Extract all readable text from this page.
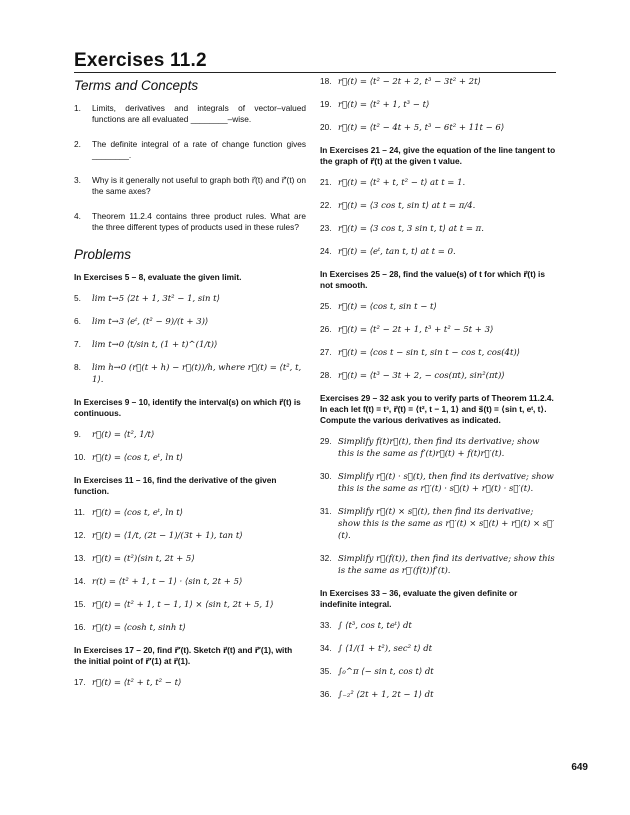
Exercises 11.2
Terms and Concepts
1. Limits, derivatives and integrals of vector–valued functions are all evaluated ________–wise.
2. The definite integral of a rate of change function gives ________.
3. Why is it generally not useful to graph both r⃗(t) and r⃗′(t) on the same axes?
4. Theorem 11.2.4 contains three product rules. What are the three different types of products used in these rules?
Problems
In Exercises 5 – 8, evaluate the given limit.
5. lim t→5 ⟨2t + 1, 3t² − 1, sin t⟩
6. lim t→3 ⟨eᵗ, (t² − 9)/(t + 3)⟩
7. lim t→0 ⟨t/sin t, (1 + t)^(1/t)⟩
8. lim h→0 (r⃗(t + h) − r⃗(t))/h, where r⃗(t) = ⟨t², t, 1⟩.
In Exercises 9 – 10, identify the interval(s) on which r⃗(t) is continuous.
9. r⃗(t) = ⟨t², 1/t⟩
10. r⃗(t) = ⟨cos t, eᵗ, ln t⟩
In Exercises 11 – 16, find the derivative of the given function.
11. r⃗(t) = ⟨cos t, eᵗ, ln t⟩
12. r⃗(t) = ⟨1/t, (2t − 1)/(3t + 1), tan t⟩
13. r⃗(t) = (t²)⟨sin t, 2t + 5⟩
14. r(t) = ⟨t² + 1, t − 1⟩ · ⟨sin t, 2t + 5⟩
15. r⃗(t) = ⟨t² + 1, t − 1, 1⟩ × ⟨sin t, 2t + 5, 1⟩
16. r⃗(t) = ⟨cosh t, sinh t⟩
In Exercises 17 – 20, find r⃗′(t). Sketch r⃗(t) and r⃗′(1), with the initial point of r⃗′(1) at r⃗(1).
17. r⃗(t) = ⟨t² + t, t² − t⟩
18. r⃗(t) = ⟨t² − 2t + 2, t³ − 3t² + 2t⟩
19. r⃗(t) = ⟨t² + 1, t³ − t⟩
20. r⃗(t) = ⟨t² − 4t + 5, t³ − 6t² + 11t − 6⟩
In Exercises 21 – 24, give the equation of the line tangent to the graph of r⃗(t) at the given t value.
21. r⃗(t) = ⟨t² + t, t² − t⟩ at t = 1.
22. r⃗(t) = ⟨3 cos t, sin t⟩ at t = π/4.
23. r⃗(t) = ⟨3 cos t, 3 sin t, t⟩ at t = π.
24. r⃗(t) = ⟨eᵗ, tan t, t⟩ at t = 0.
In Exercises 25 – 28, find the value(s) of t for which r⃗(t) is not smooth.
25. r⃗(t) = ⟨cos t, sin t − t⟩
26. r⃗(t) = ⟨t² − 2t + 1, t³ + t² − 5t + 3⟩
27. r⃗(t) = ⟨cos t − sin t, sin t − cos t, cos(4t)⟩
28. r⃗(t) = ⟨t³ − 3t + 2, − cos(πt), sin²(πt)⟩
Exercises 29 – 32 ask you to verify parts of Theorem 11.2.4. In each let f(t) = t³, r⃗(t) = ⟨t², t − 1, 1⟩ and s⃗(t) = ⟨sin t, eᵗ, t⟩. Compute the various derivatives as indicated.
29. Simplify f(t)r⃗(t), then find its derivative; show this is the same as f′(t)r⃗(t) + f(t)r⃗′(t).
30. Simplify r⃗(t) · s⃗(t), then find its derivative; show this is the same as r⃗′(t) · s⃗(t) + r⃗(t) · s⃗′(t).
31. Simplify r⃗(t) × s⃗(t), then find its derivative; show this is the same as r⃗′(t) × s⃗(t) + r⃗(t) × s⃗′(t).
32. Simplify r⃗(f(t)), then find its derivative; show this is the same as r⃗′(f(t))f′(t).
In Exercises 33 – 36, evaluate the given definite or indefinite integral.
33. ∫ ⟨t³, cos t, teᵗ⟩ dt
34. ∫ ⟨1/(1 + t²), sec² t⟩ dt
35. ∫₀^π ⟨− sin t, cos t⟩ dt
36. ∫₋₂² ⟨2t + 1, 2t − 1⟩ dt
649
